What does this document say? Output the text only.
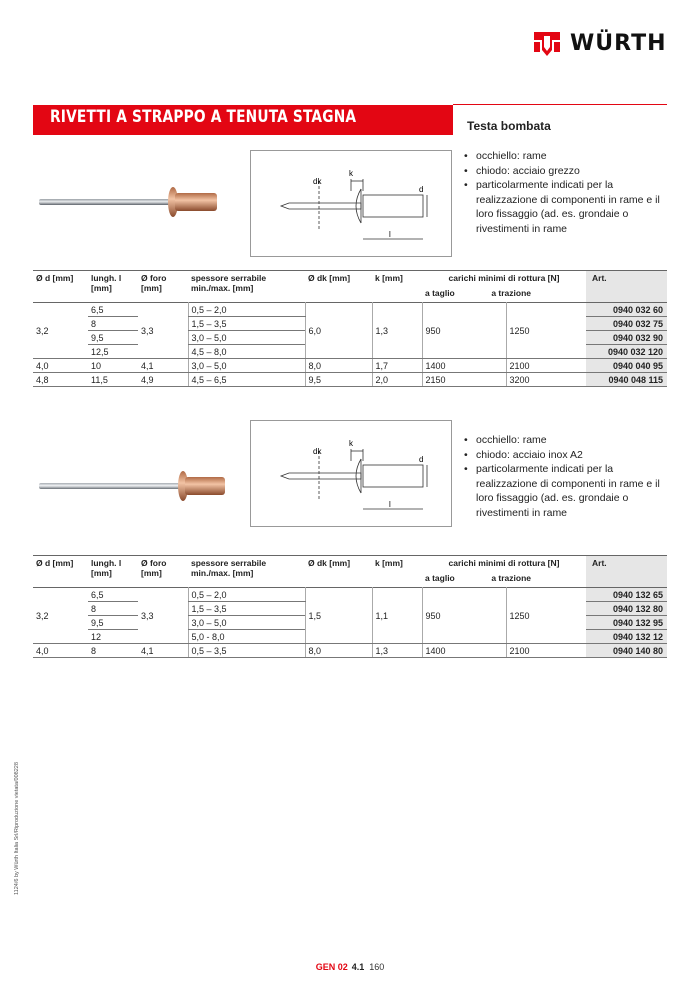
WÜRTH
RIVETTI A STRAPPO A TENUTA STAGNA	Testa bombata
dk
k
d
l
• occhiello: rame
• chiodo: acciaio grezzo
• particolarmente indicati per la realizzazione di componenti in rame e il loro fissaggio (ad. es. grondaie o rivestimenti in rame
Ø d [mm]	lungh. l [mm]	Ø foro [mm]	spessore serrabile min./max. [mm]	Ø dk [mm]	k [mm]	carichi minimi di rottura [N]
a taglio a trazione		Art.
3,2	6,5	3,3	0,5 – 2,0	6,0	1,3	950	1250	0940 032 60
	8		1,5 – 3,5					0940 032 75
	9,5		3,0 – 5,0					0940 032 90
	12,5		4,5 – 8,0					0940 032 120
4,0	10	4,1	3,0 – 5,0	8,0	1,7	1400	2100	0940 040 95
4,8	11,5	4,9	4,5 – 6,5	9,5	2,0	2150	3200	0940 048 115
dk
k
d
l
• occhiello: rame
• chiodo: acciaio inox A2
• particolarmente indicati per la realizzazione di componenti in rame e il loro fissaggio (ad. es. grondaie o rivestimenti in rame
Ø d [mm]	lungh. l [mm]	Ø foro [mm]	spessore serrabile min./max. [mm]	Ø dk [mm]	k [mm]	carichi minimi di rottura [N]
a taglio a trazione		Art.
3,2	6,5	3,3	0,5 – 2,0	1,5	1,1	950	1250	0940 132 65
	8		1,5 – 3,5					0940 132 80
	9,5		3,0 – 5,0					0940 132 95
	12		5,0 - 8,0					0940 132 12
4,0	8	4,1	0,5 – 3,5	8,0	1,3	1400	2100	0940 140 80
1124/6 by Würth Italia Srl/Riproduzione vietata/008228
GEN 02 4.1 160
